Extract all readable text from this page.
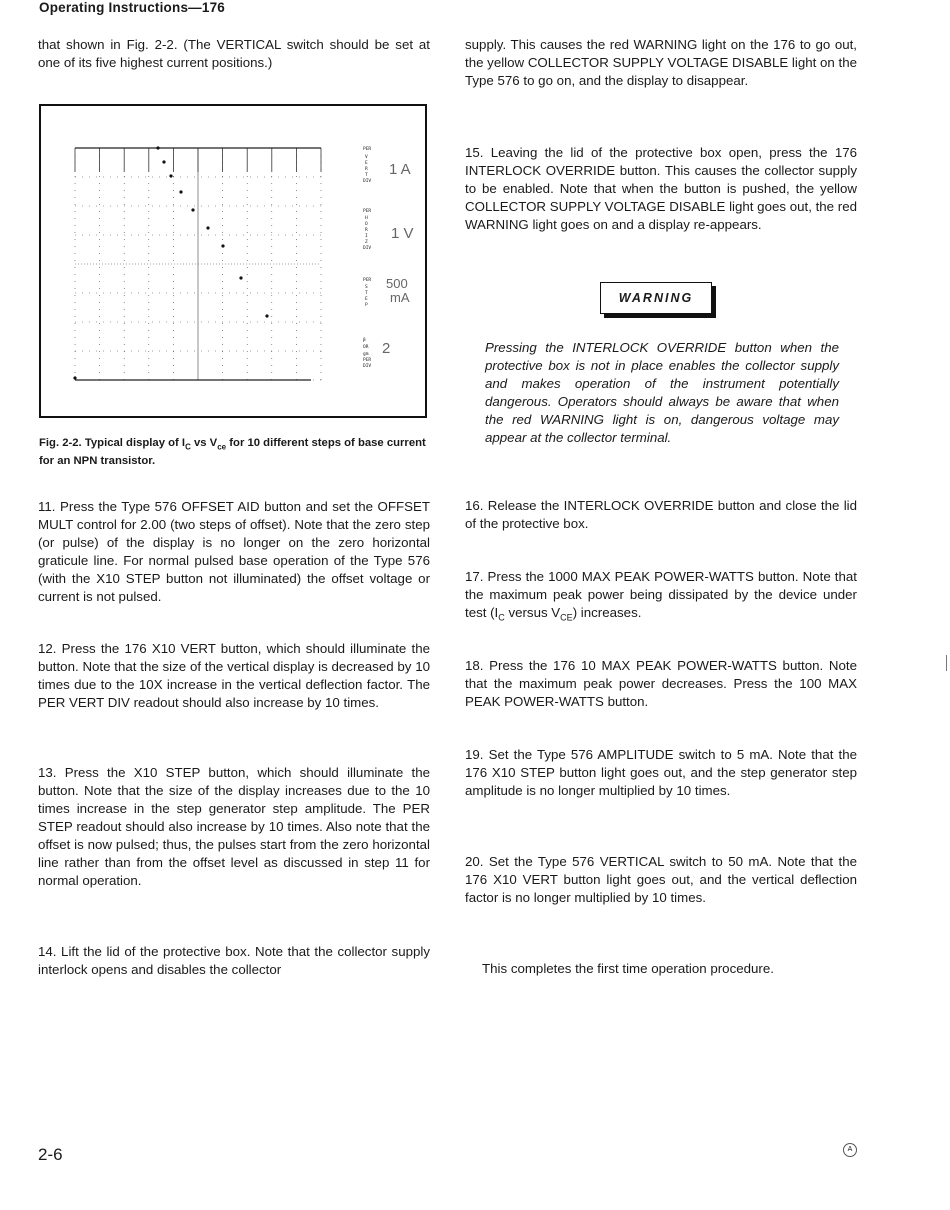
Operating Instructions—176

that shown in Fig. 2-2. (The VERTICAL switch should be set at one of its five highest current positions.)

PER
V
E
R
T
DIV
PER
H
O
R
I
Z
DIV
PER
S
T
E
P
β
OR
gm
PER
DIV
1 A
1 V
500
mA
2
Fig. 2-2. Typical display of $I_C$ vs $V_{ce}$ for 10 different steps of base current for an NPN transistor.

11. Press the Type 576 OFFSET AID button and set the OFFSET MULT control for 2.00 (two steps of offset). Note that the zero step (or pulse) of the display is no longer on the zero horizontal graticule line. For normal pulsed base operation of the Type 576 (with the X10 STEP button not illuminated) the offset voltage or current is not pulsed.

12. Press the 176 X10 VERT button, which should illuminate the button. Note that the size of the vertical display is decreased by 10 times due to the 10X increase in the vertical deflection factor. The PER VERT DIV readout should also increase by 10 times.

13. Press the X10 STEP button, which should illuminate the button. Note that the size of the display increases due to the 10 times increase in the step generator step amplitude. The PER STEP readout should also increase by 10 times. Also note that the offset is now pulsed; thus, the pulses start from the zero horizontal line rather than from the offset level as discussed in step 11 for normal operation.

14. Lift the lid of the protective box. Note that the collector supply interlock opens and disables the collector

supply. This causes the red WARNING light on the 176 to go out, the yellow COLLECTOR SUPPLY VOLTAGE DISABLE light on the Type 576 to go on, and the display to disappear.

15. Leaving the lid of the protective box open, press the 176 INTERLOCK OVERRIDE button. This causes the collector supply to be enabled. Note that when the button is pushed, the yellow COLLECTOR SUPPLY VOLTAGE DISABLE light goes out, the red WARNING light goes on and a display re-appears.

WARNING
Pressing the INTERLOCK OVERRIDE button when the protective box is not in place enables the collector supply and makes operation of the instrument potentially dangerous. Operators should always be aware that when the red WARNING light is on, dangerous voltage may appear at the collector terminal.

16. Release the INTERLOCK OVERRIDE button and close the lid of the protective box.

17. Press the 1000 MAX PEAK POWER-WATTS button. Note that the maximum peak power being dissipated by the device under test ($I_C$ versus $V_{CE}$) increases.

18. Press the 176 10 MAX PEAK POWER-WATTS button. Note that the maximum peak power decreases. Press the 100 MAX PEAK POWER-WATTS button.

19. Set the Type 576 AMPLITUDE switch to 5 mA. Note that the 176 X10 STEP button light goes out, and the step generator step amplitude is no longer multiplied by 10 times.

20. Set the Type 576 VERTICAL switch to 50 mA. Note that the 176 X10 VERT button light goes out, and the vertical deflection factor is no longer multiplied by 10 times.

This completes the first time operation procedure.

2-6	A
